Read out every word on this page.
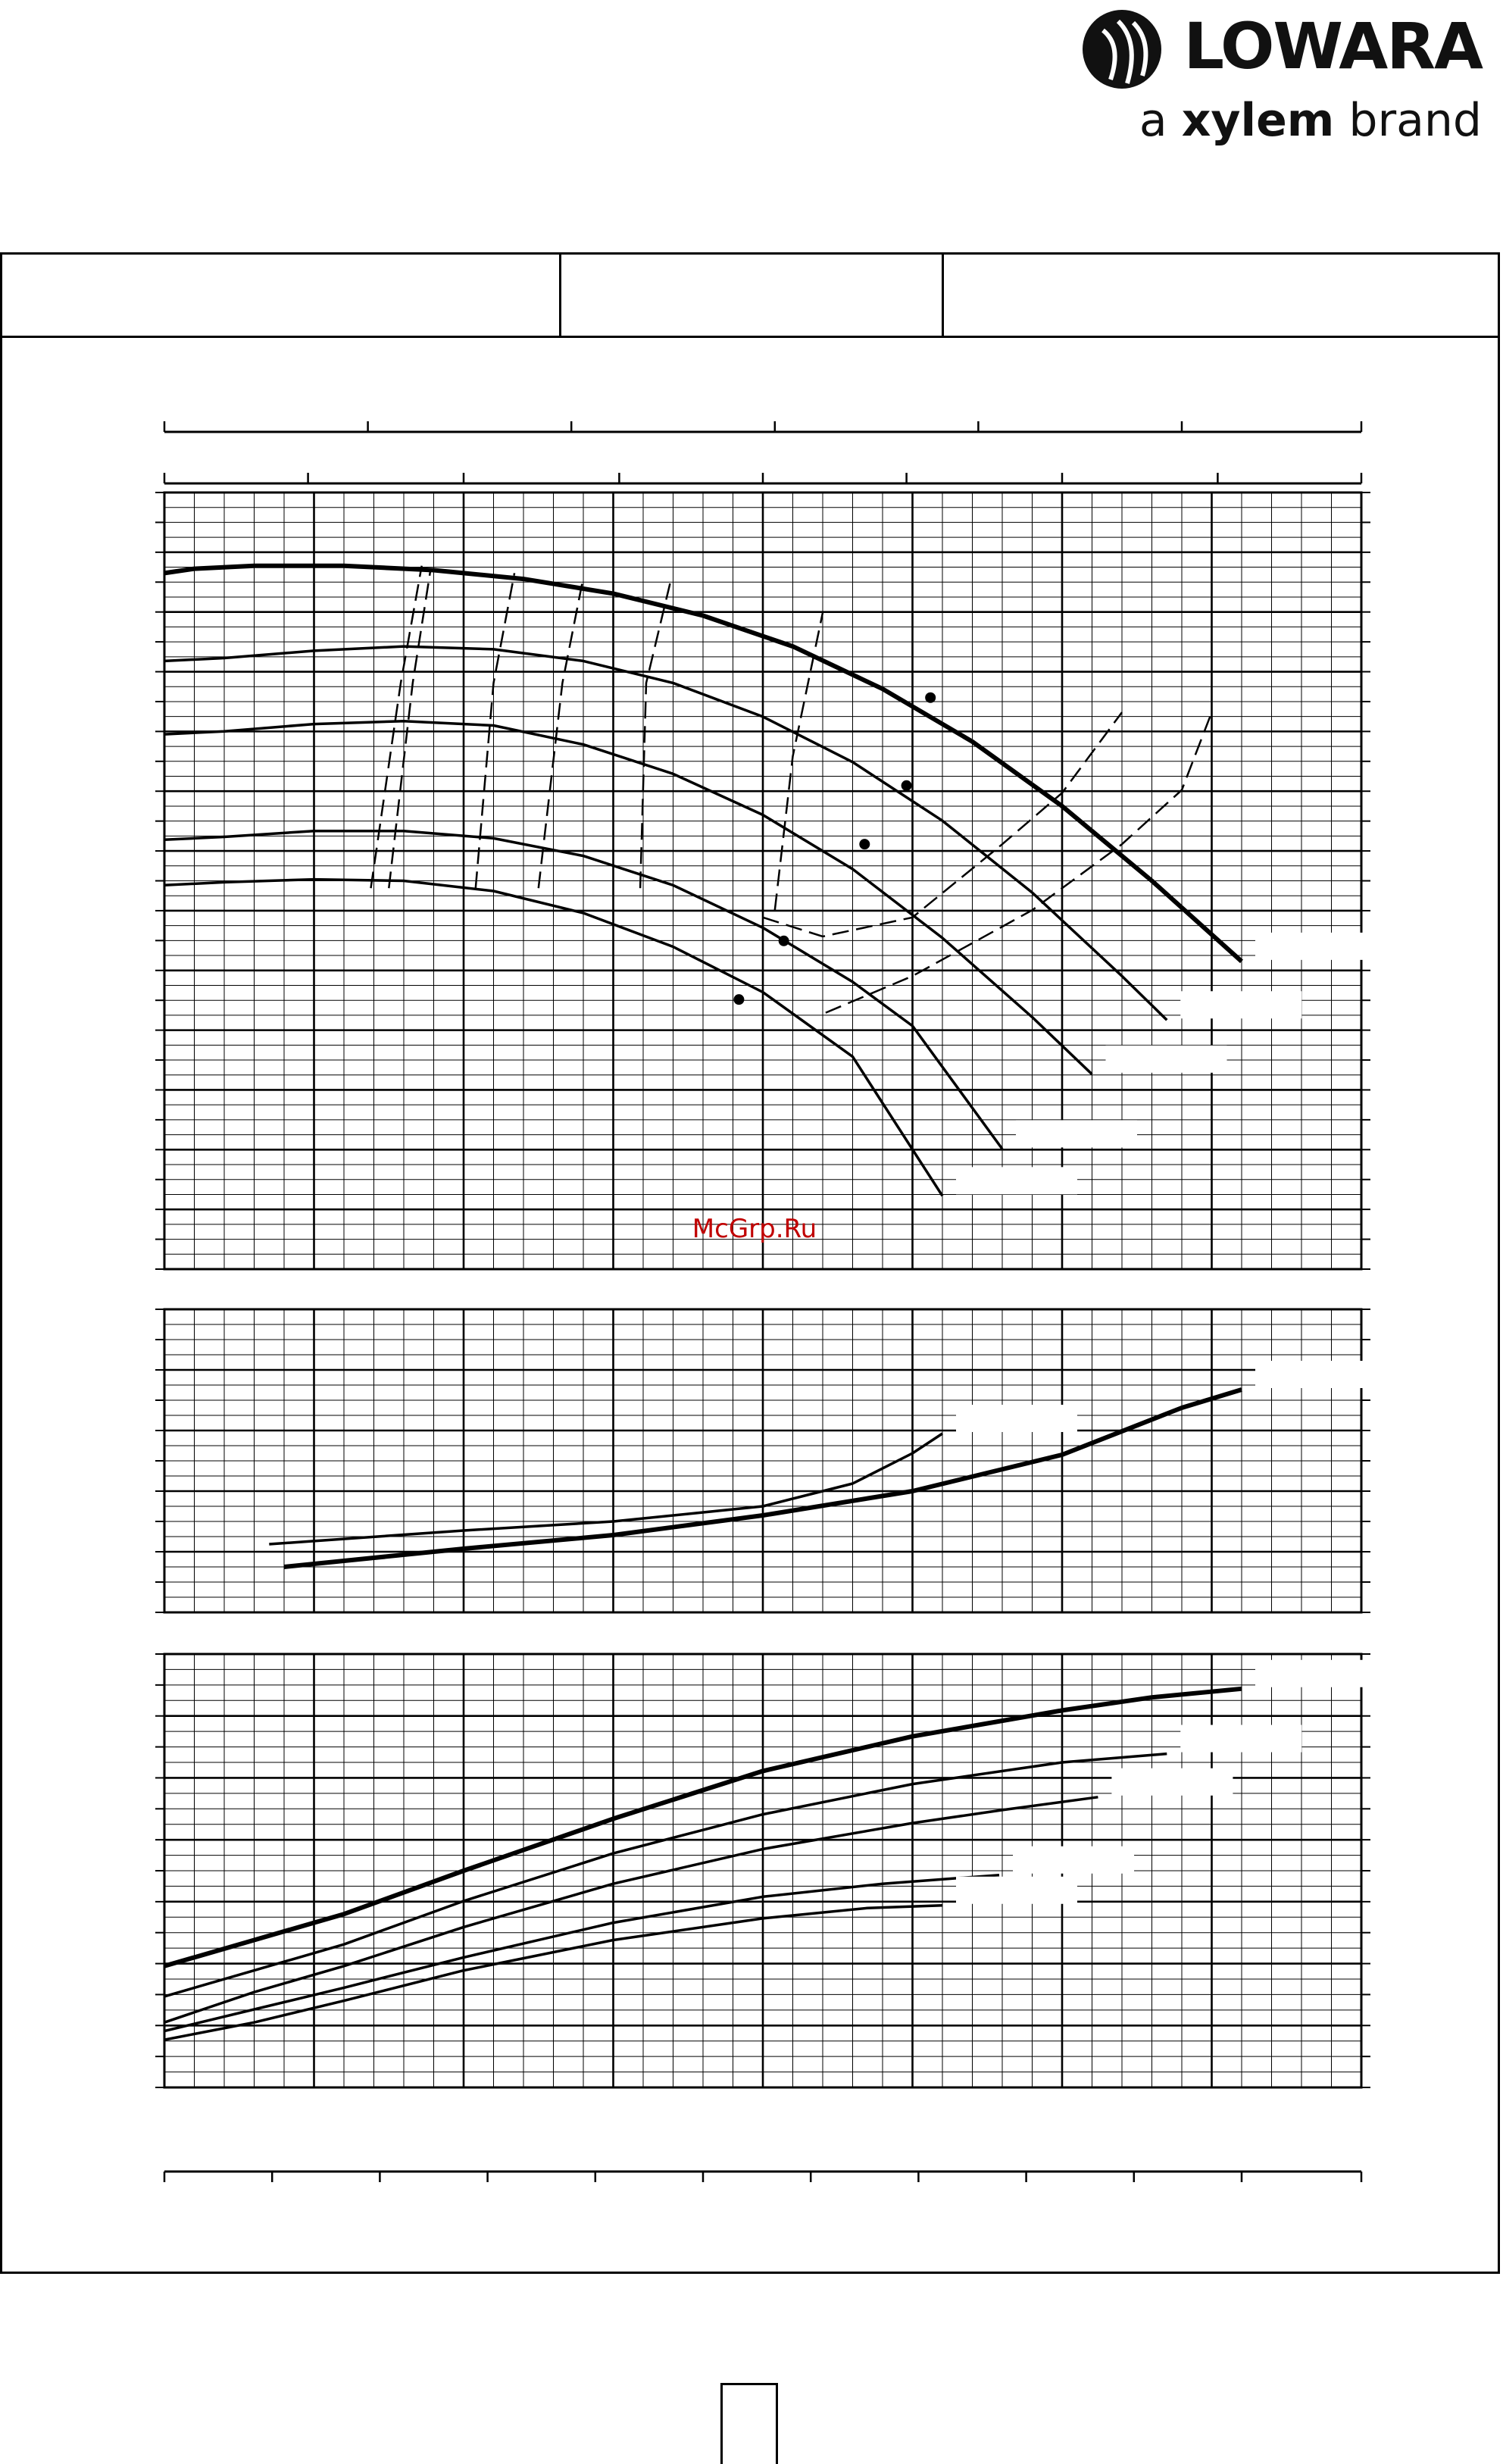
LOWARA
a xylem brand
McGrp.Ru
